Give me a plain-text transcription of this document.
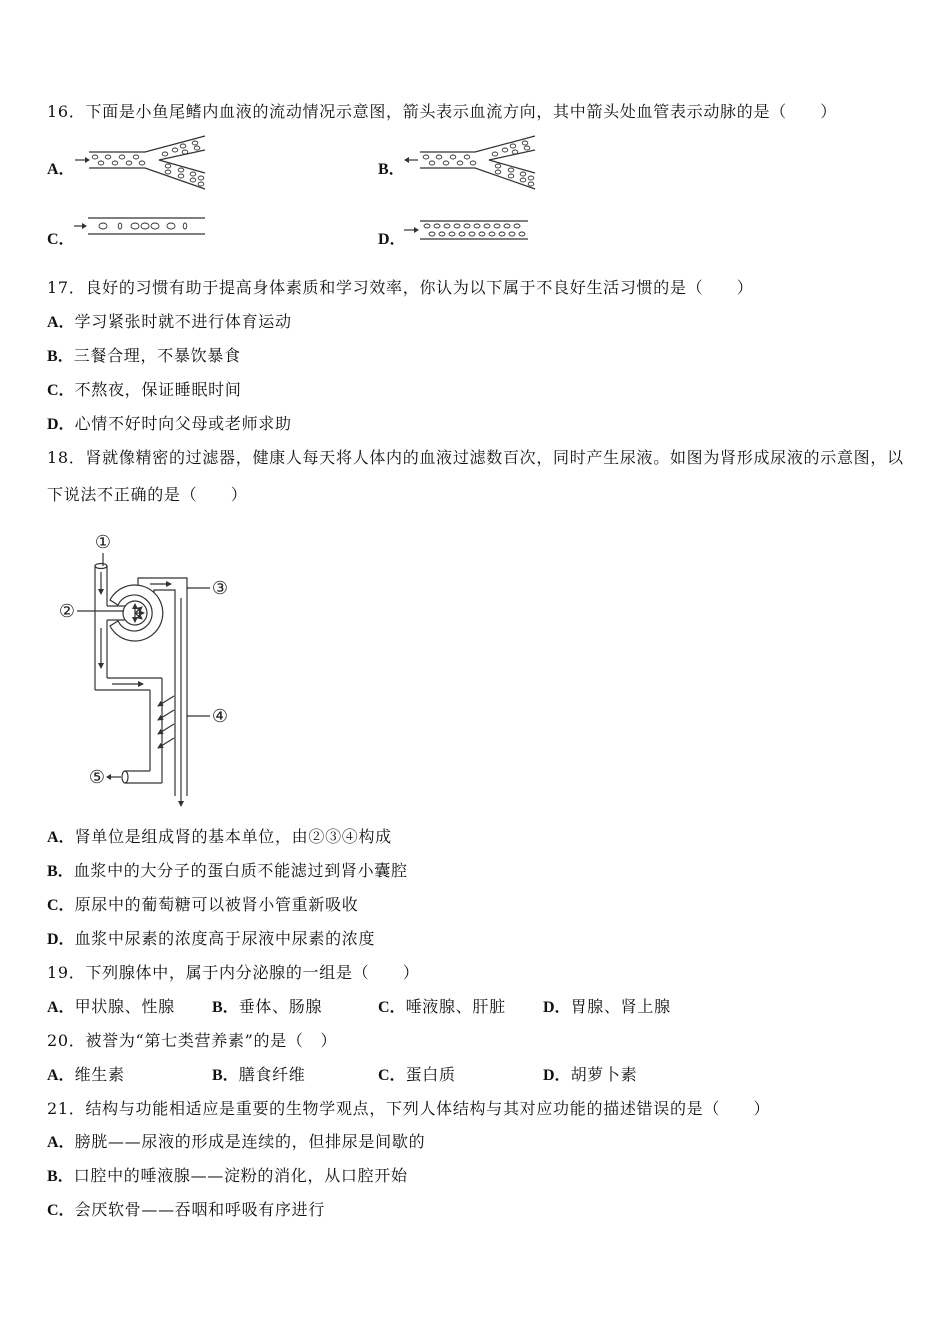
16．下面是小鱼尾鳍内血液的流动情况示意图，箭头表示血流方向，其中箭头处血管表示动脉的是（　　）
A．	B．
C．	D．
17．良好的习惯有助于提高身体素质和学习效率，你认为以下属于不良好生活习惯的是（　　）
A．学习紧张时就不进行体育运动
B．三餐合理，不暴饮暴食
C．不熬夜，保证睡眠时间
D．心情不好时向父母或老师求助
18．肾就像精密的过滤器，健康人每天将人体内的血液过滤数百次，同时产生尿液。如图为肾形成尿液的示意图，以
下说法不正确的是（　　）
①
②
③
④
⑤
A．肾单位是组成肾的基本单位，由②③④构成
B．血浆中的大分子的蛋白质不能滤过到肾小囊腔
C．原尿中的葡萄糖可以被肾小管重新吸收
D．血浆中尿素的浓度高于尿液中尿素的浓度
19．下列腺体中，属于内分泌腺的一组是（　　）
A．甲状腺、性腺 B．垂体、肠腺	C．唾液腺、肝脏 D．胃腺、肾上腺
20．被誉为“第七类营养素”的是（　）
A．维生素	B．膳食纤维	C．蛋白质	D．胡萝卜素
21．结构与功能相适应是重要的生物学观点，下列人体结构与其对应功能的描述错误的是（　　）
A．膀胱——尿液的形成是连续的，但排尿是间歇的
B．口腔中的唾液腺——淀粉的消化，从口腔开始
C．会厌软骨——吞咽和呼吸有序进行
